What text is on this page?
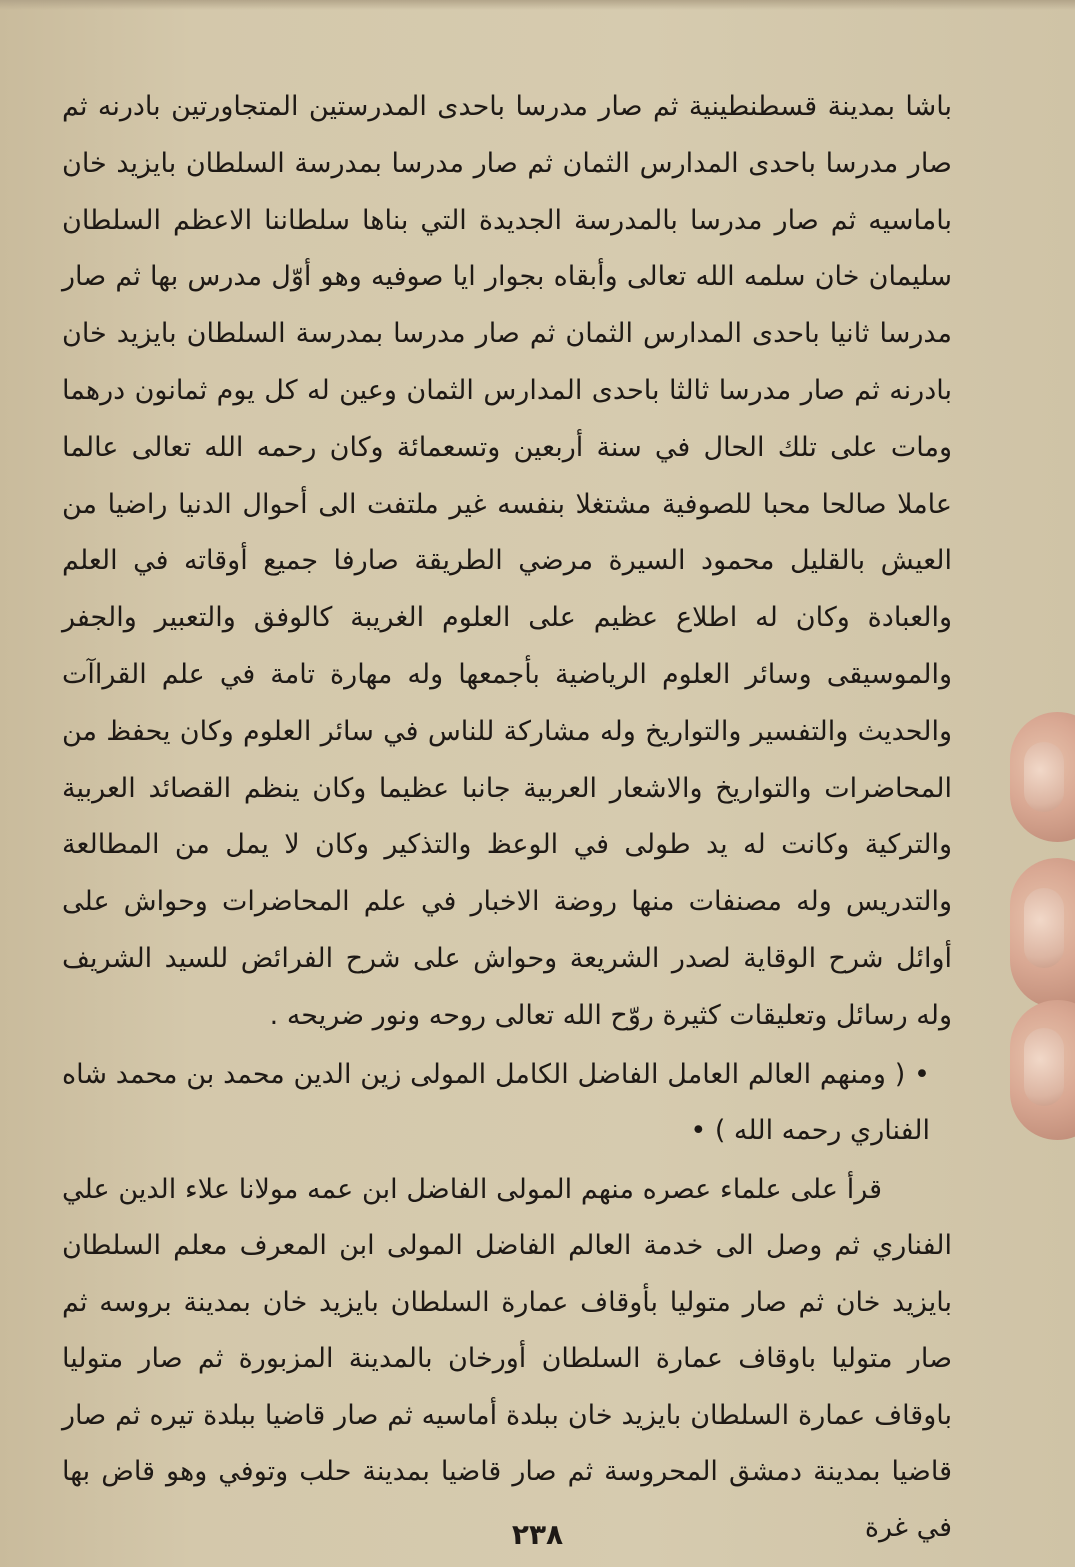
باشا بمدينة قسطنطينية ثم صار مدرسا باحدى المدرستين المتجاورتين بادرنه ثم صار مدرسا باحدى المدارس الثمان ثم صار مدرسا بمدرسة السلطان بايزيد خان باماسيه ثم صار مدرسا بالمدرسة الجديدة التي بناها سلطاننا الاعظم السلطان سليمان خان سلمه الله تعالى وأبقاه بجوار ايا صوفيه وهو أوّل مدرس بها ثم صار مدرسا ثانيا باحدى المدارس الثمان ثم صار مدرسا بمدرسة السلطان بايزيد خان بادرنه ثم صار مدرسا ثالثا باحدى المدارس الثمان وعين له كل يوم ثمانون درهما ومات على تلك الحال في سنة أربعين وتسعمائة وكان رحمه الله تعالى عالما عاملا صالحا محبا للصوفية مشتغلا بنفسه غير ملتفت الى أحوال الدنيا راضيا من العيش بالقليل محمود السيرة مرضي الطريقة صارفا جميع أوقاته في العلم والعبادة وكان له اطلاع عظيم على العلوم الغريبة كالوفق والتعبير والجفر والموسيقى وسائر العلوم الرياضية بأجمعها وله مهارة تامة في علم القراآت والحديث والتفسير والتواريخ وله مشاركة للناس في سائر العلوم وكان يحفظ من المحاضرات والتواريخ والاشعار العربية جانبا عظيما وكان ينظم القصائد العربية والتركية وكانت له يد طولى في الوعظ والتذكير وكان لا يمل من المطالعة والتدريس وله مصنفات منها روضة الاخبار في علم المحاضرات وحواش على أوائل شرح الوقاية لصدر الشريعة وحواش على شرح الفرائض للسيد الشريف وله رسائل وتعليقات كثيرة روّح الله تعالى روحه ونور ضريحه .

• ( ومنهم العالم العامل الفاضل الكامل المولى زين الدين محمد بن محمد شاه الفناري رحمه الله ) •

قرأ على علماء عصره منهم المولى الفاضل ابن عمه مولانا علاء الدين علي الفناري ثم وصل الى خدمة العالم الفاضل المولى ابن المعرف معلم السلطان بايزيد خان ثم صار متوليا بأوقاف عمارة السلطان بايزيد خان بمدينة بروسه ثم صار متوليا باوقاف عمارة السلطان أورخان بالمدينة المزبورة ثم صار متوليا باوقاف عمارة السلطان بايزيد خان ببلدة أماسيه ثم صار قاضيا ببلدة تيره ثم صار قاضيا بمدينة دمشق المحروسة ثم صار قاضيا بمدينة حلب وتوفي وهو قاض بها في غرة

٢٣٨
